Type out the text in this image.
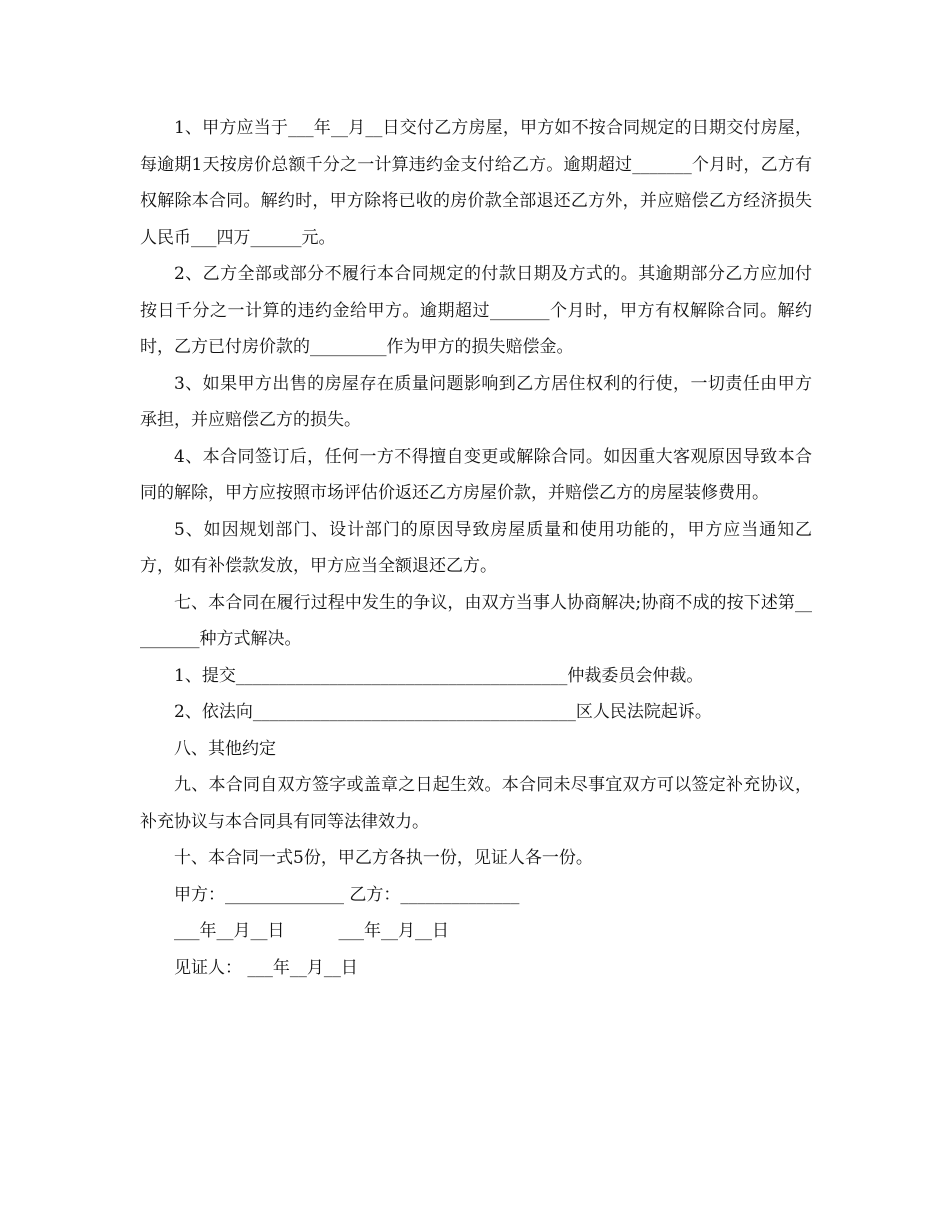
1、甲方应当于___年__月__日交付乙方房屋，甲方如不按合同规定的日期交付房屋，每逾期1天按房价总额千分之一计算违约金支付给乙方。逾期超过_______个月时，乙方有权解除本合同。解约时，甲方除将已收的房价款全部退还乙方外，并应赔偿乙方经济损失人民币___四万______元。

2、乙方全部或部分不履行本合同规定的付款日期及方式的。其逾期部分乙方应加付按日千分之一计算的违约金给甲方。逾期超过_______个月时，甲方有权解除合同。解约时，乙方已付房价款的_________作为甲方的损失赔偿金。

3、如果甲方出售的房屋存在质量问题影响到乙方居住权利的行使，一切责任由甲方承担，并应赔偿乙方的损失。

4、本合同签订后，任何一方不得擅自变更或解除合同。如因重大客观原因导致本合同的解除，甲方应按照市场评估价返还乙方房屋价款，并赔偿乙方的房屋装修费用。

5、如因规划部门、设计部门的原因导致房屋质量和使用功能的，甲方应当通知乙方，如有补偿款发放，甲方应当全额退还乙方。

七、本合同在履行过程中发生的争议，由双方当事人协商解决;协商不成的按下述第_________种方式解决。

1、提交_______________________________________仲裁委员会仲裁。

2、依法向______________________________________区人民法院起诉。

八、其他约定

九、本合同自双方签字或盖章之日起生效。本合同未尽事宜双方可以签定补充协议，补充协议与本合同具有同等法律效力。

十、本合同一式5份，甲乙方各执一份，见证人各一份。

甲方：______________ 乙方：______________

___年__月__日          ___年__月__日

见证人： ___年__月__日
